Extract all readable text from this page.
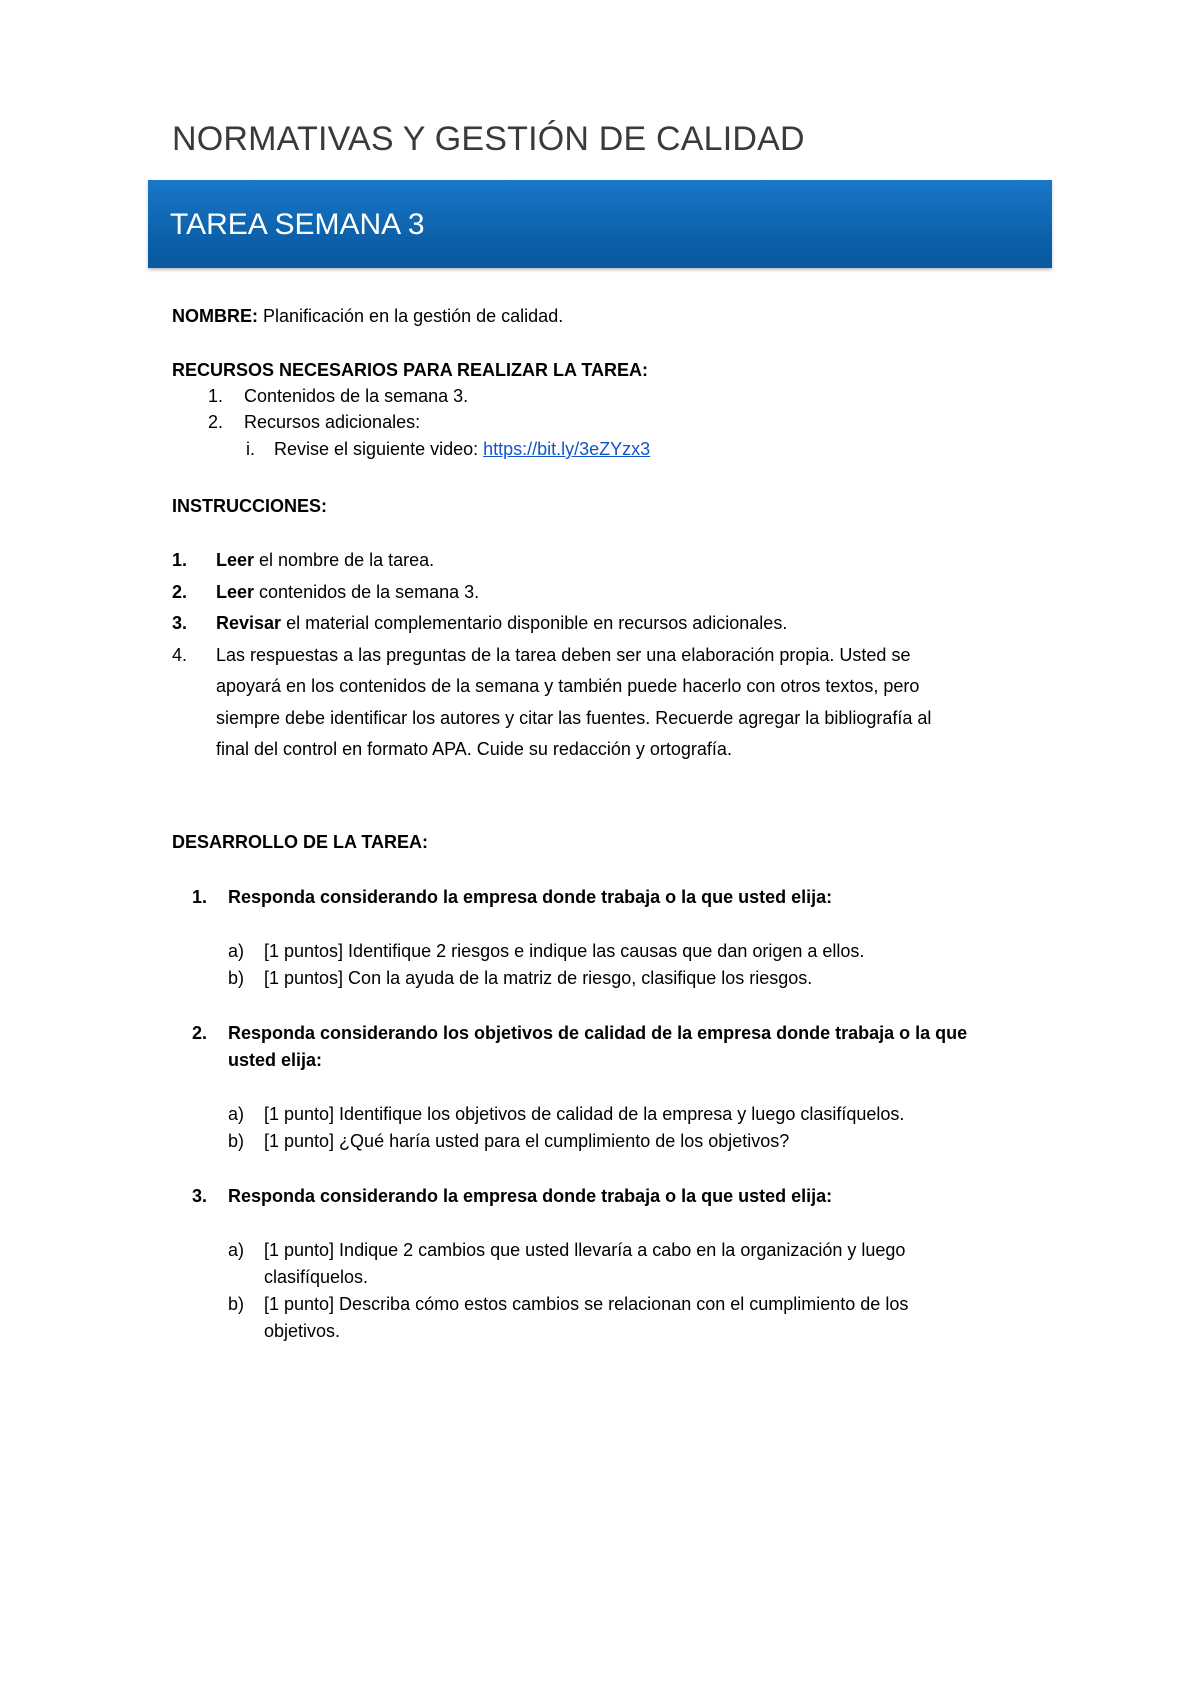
NORMATIVAS Y GESTIÓN DE CALIDAD
TAREA SEMANA 3
NOMBRE: Planificación en la gestión de calidad.
RECURSOS NECESARIOS PARA REALIZAR LA TAREA:
1. Contenidos de la semana 3.
2. Recursos adicionales:
i. Revise el siguiente video: https://bit.ly/3eZYzx3
INSTRUCCIONES:
1. Leer el nombre de la tarea.
2. Leer contenidos de la semana 3.
3. Revisar el material complementario disponible en recursos adicionales.
4. Las respuestas a las preguntas de la tarea deben ser una elaboración propia. Usted se
apoyará en los contenidos de la semana y también puede hacerlo con otros textos, pero
siempre debe identificar los autores y citar las fuentes. Recuerde agregar la bibliografía al
final del control en formato APA. Cuide su redacción y ortografía.
DESARROLLO DE LA TAREA:
1. Responda considerando la empresa donde trabaja o la que usted elija:
a) [1 puntos] Identifique 2 riesgos e indique las causas que dan origen a ellos.
b) [1 puntos] Con la ayuda de la matriz de riesgo, clasifique los riesgos.
2. Responda considerando los objetivos de calidad de la empresa donde trabaja o la que
usted elija:
a) [1 punto] Identifique los objetivos de calidad de la empresa y luego clasifíquelos.
b) [1 punto] ¿Qué haría usted para el cumplimiento de los objetivos?
3. Responda considerando la empresa donde trabaja o la que usted elija:
a) [1 punto] Indique 2 cambios que usted llevaría a cabo en la organización y luego
clasifíquelos.
b) [1 punto] Describa cómo estos cambios se relacionan con el cumplimiento de los
objetivos.
